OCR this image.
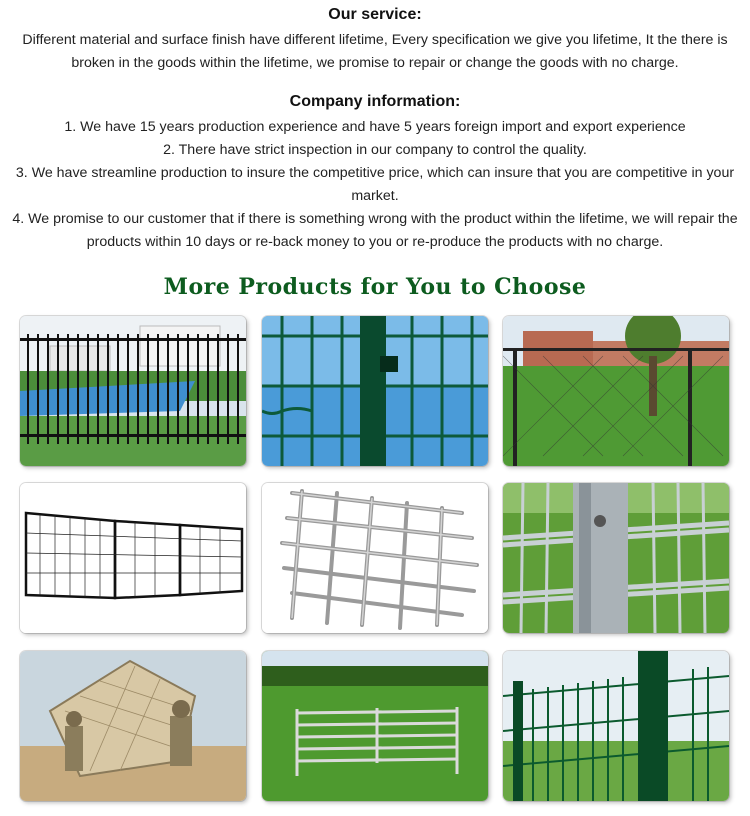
Our service:

Different material and surface finish have different lifetime, Every specification we give you lifetime, It the there is broken in the goods within the lifetime, we promise to repair or change the goods with no charge.

Company information:
1. We have 15 years production experience and have 5 years foreign import and export experience
2. There have strict inspection in our company to control the quality.
3. We have streamline production to insure the competitive price, which can insure that you are competitive in your market.
4. We promise to our customer that if there is something wrong with the product within the lifetime, we will repair the products within 10 days or re-back money to you or re-produce the products with no charge.
More Products for You to Choose
